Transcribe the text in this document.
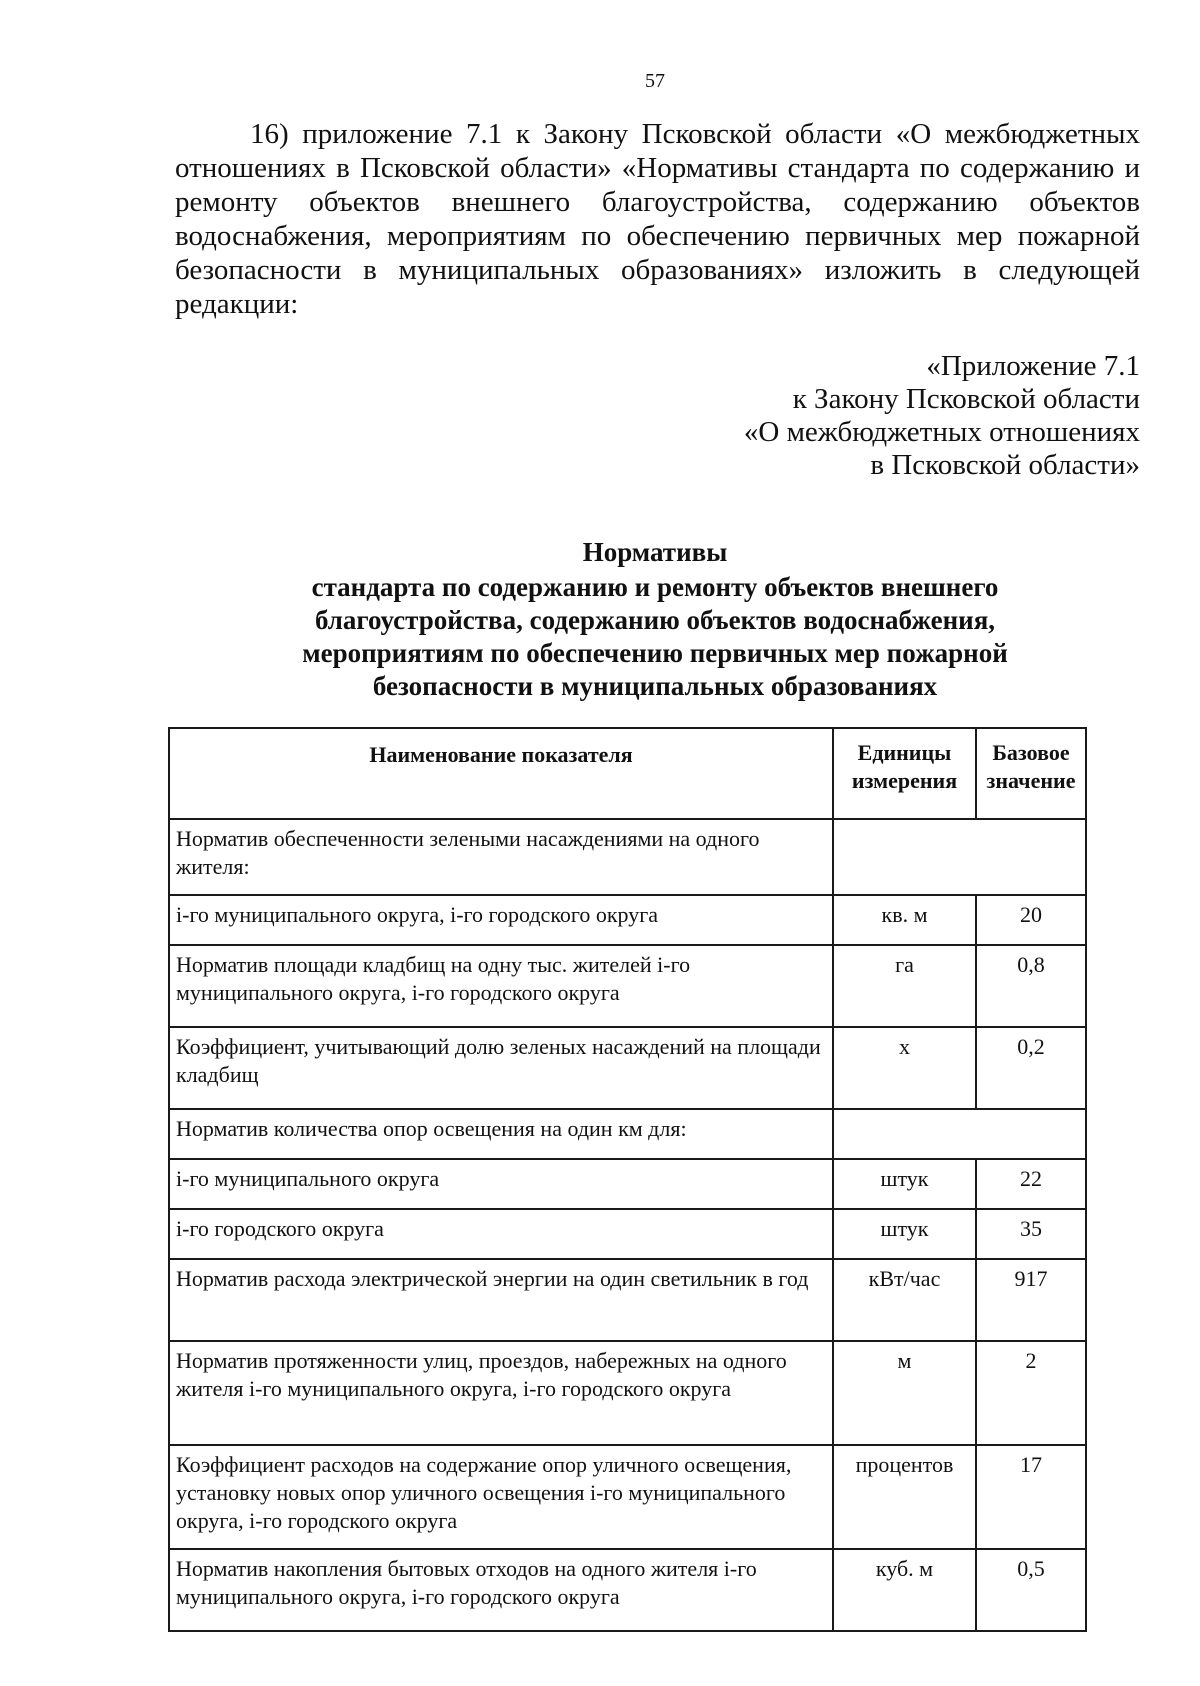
57
16) приложение 7.1 к Закону Псковской области «О межбюджетных отношениях в Псковской области» «Нормативы стандарта по содержанию и ремонту объектов внешнего благоустройства, содержанию объектов водоснабжения, мероприятиям по обеспечению первичных мер пожарной безопасности в муниципальных образованиях» изложить в следующей редакции:
«Приложение 7.1
к Закону Псковской области
«О межбюджетных отношениях
в Псковской области»
Нормативы
стандарта по содержанию и ремонту объектов внешнего
благоустройства, содержанию объектов водоснабжения,
мероприятиям по обеспечению первичных мер пожарной
безопасности в муниципальных образованиях
Наименование показателя	Единицы измерения	Базовое значение
Норматив обеспеченности зелеными насаждениями на одного жителя:		
i-го муниципального округа, i-го городского округа	кв. м	20
Норматив площади кладбищ на одну тыс. жителей i-го муниципального округа, i-го городского округа	га	0,8
Коэффициент, учитывающий долю зеленых насаждений на площади кладбищ	х	0,2
Норматив количества опор освещения на один км для:		
i-го муниципального округа	штук	22
i-го городского округа	штук	35
Норматив расхода электрической энергии на один светильник в год	кВт/час	917
Норматив протяженности улиц, проездов, набережных на одного жителя i-го муниципального округа, i-го городского округа	м	2
Коэффициент расходов на содержание опор уличного освещения, установку новых опор уличного освещения i-го муниципального округа, i-го городского округа	процентов	17
Норматив накопления бытовых отходов на одного жителя i-го муниципального округа, i-го городского округа	куб. м	0,5
